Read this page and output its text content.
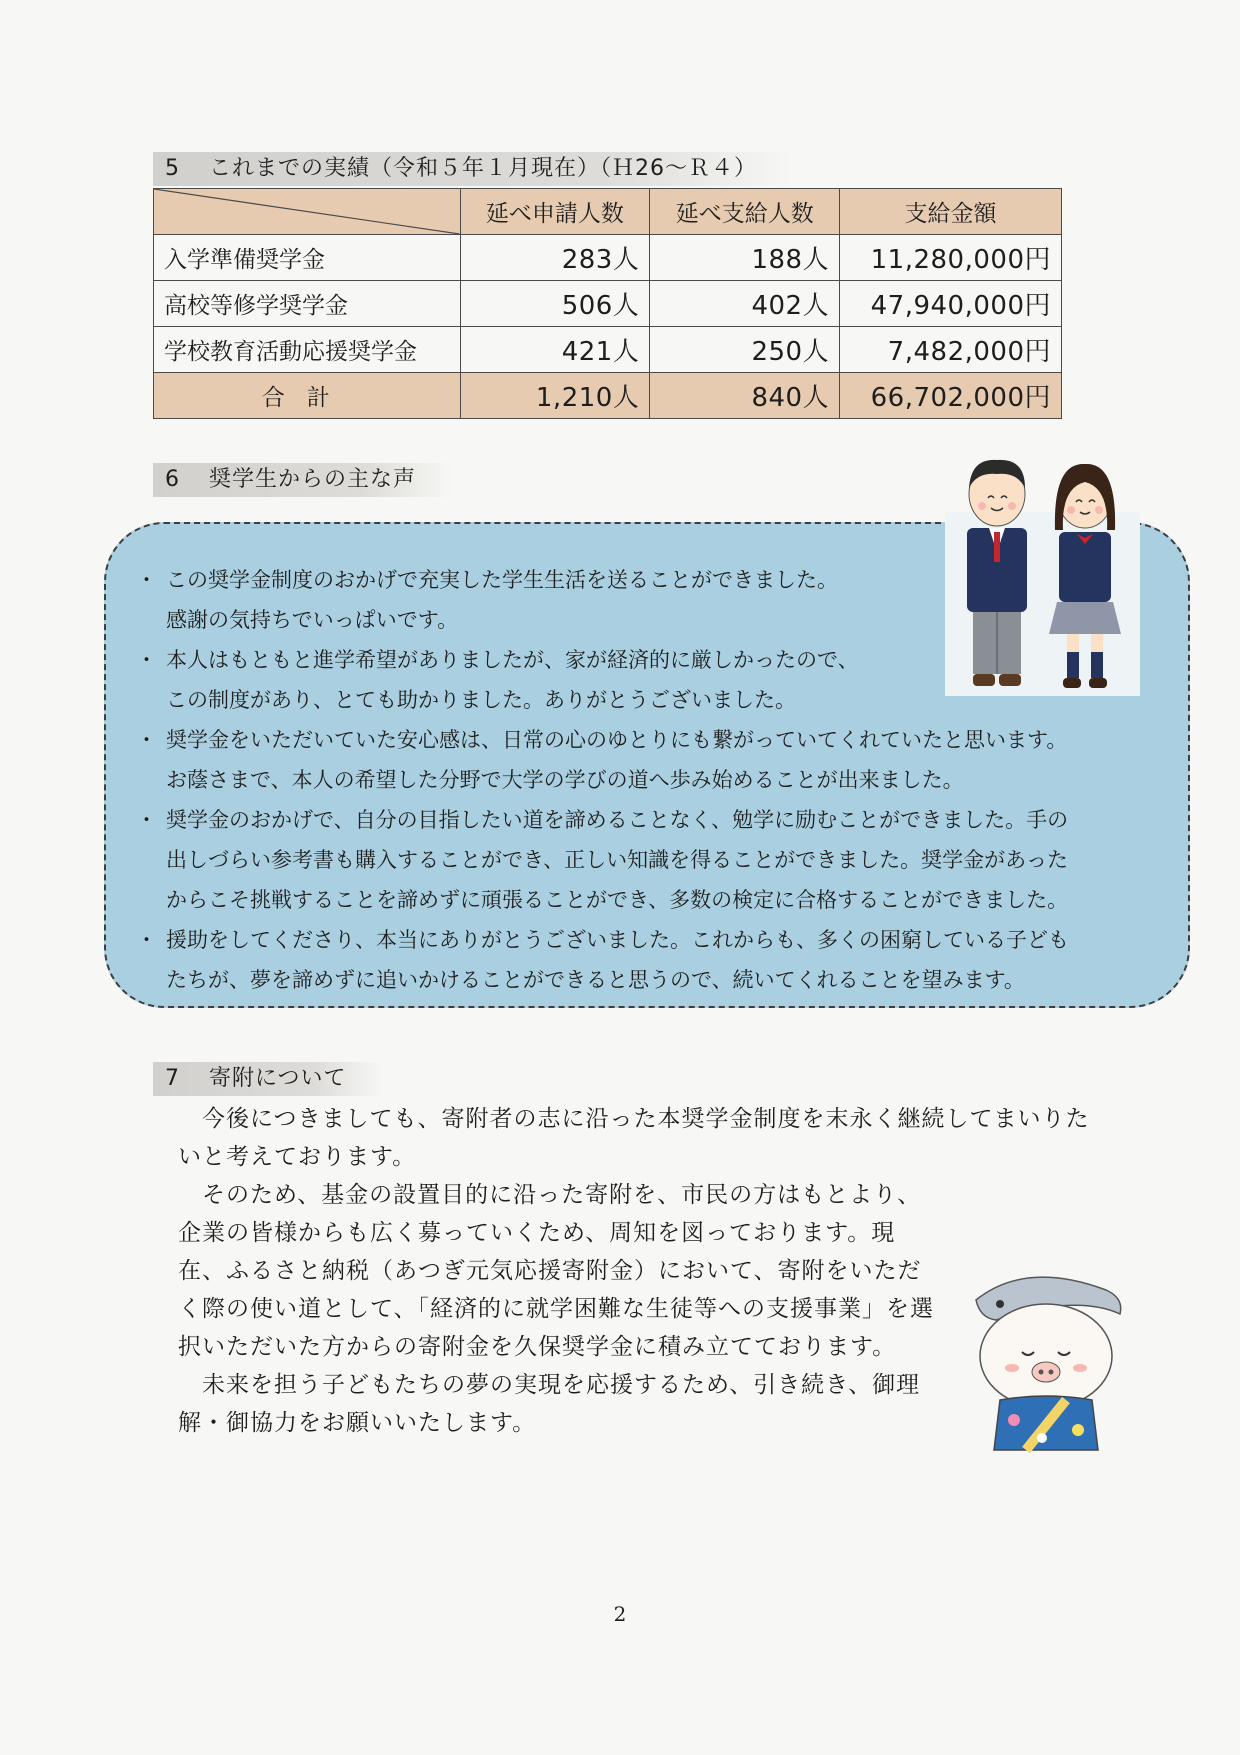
5 これまでの実績（令和５年１月現在）（Ｈ26～Ｒ４）
	延べ申請人数	延べ支給人数	支給金額
入学準備奨学金	283人	188人	11,280,000円
高校等修学奨学金	506人	402人	47,940,000円
学校教育活動応援奨学金	421人	250人	7,482,000円
合計	1,210人	840人	66,702,000円
6 奨学生からの主な声
・ この奨学金制度のおかげで充実した学生生活を送ることができました。
感謝の気持ちでいっぱいです。
・ 本人はもともと進学希望がありましたが、家が経済的に厳しかったので、
この制度があり、とても助かりました。ありがとうございました。
・ 奨学金をいただいていた安心感は、日常の心のゆとりにも繋がっていてくれていたと思います。
お蔭さまで、本人の希望した分野で大学の学びの道へ歩み始めることが出来ました。
・ 奨学金のおかげで、自分の目指したい道を諦めることなく、勉学に励むことができました。手の
出しづらい参考書も購入することができ、正しい知識を得ることができました。奨学金があった
からこそ挑戦することを諦めずに頑張ることができ、多数の検定に合格することができました。
・ 援助をしてくださり、本当にありがとうございました。これからも、多くの困窮している子ども
たちが、夢を諦めずに追いかけることができると思うので、続いてくれることを望みます。
7 寄附について

今後につきましても、寄附者の志に沿った本奨学金制度を末永く継続してまいりたいと考えております。

そのため、基金の設置目的に沿った寄附を、市民の方はもとより、企業の皆様からも広く募っていくため、周知を図っております。現在、ふるさと納税（あつぎ元気応援寄附金）において、寄附をいただく際の使い道として、「経済的に就学困難な生徒等への支援事業」を選択いただいた方からの寄附金を久保奨学金に積み立てております。

未来を担う子どもたちの夢の実現を応援するため、引き続き、御理解・御協力をお願いいたします。

2
